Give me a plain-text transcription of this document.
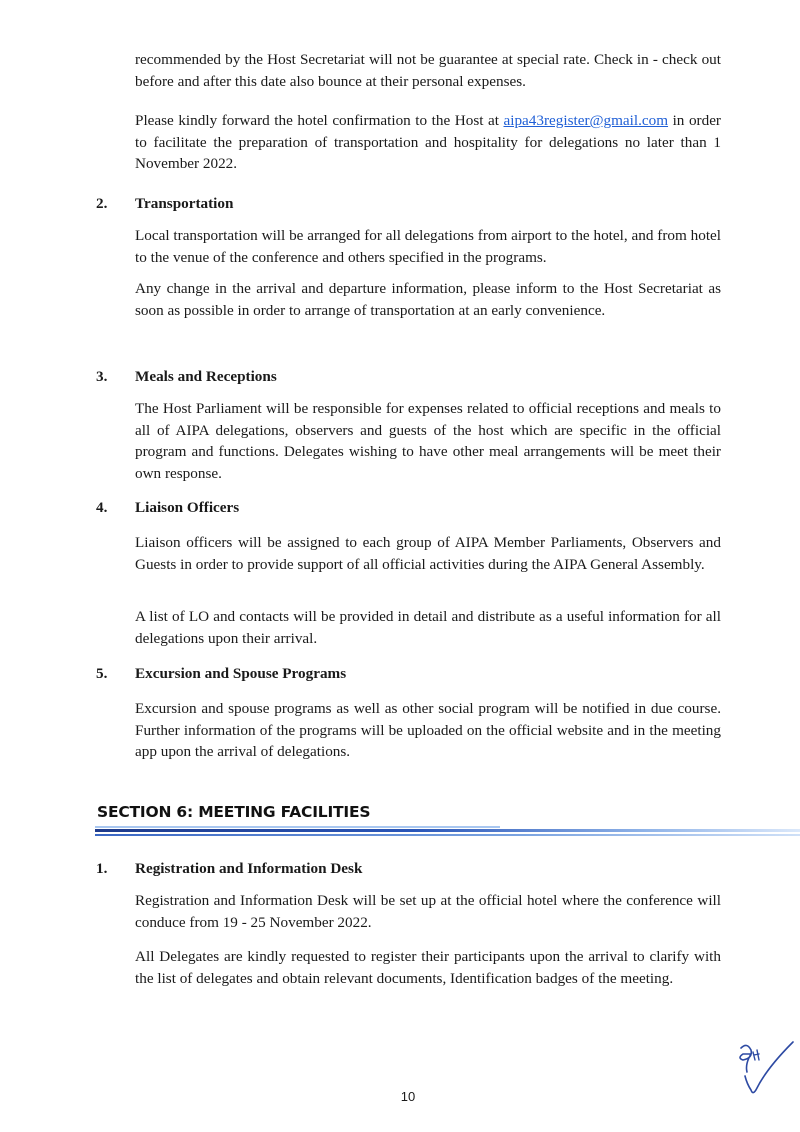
recommended by the Host Secretariat will not be guarantee at special rate. Check in - check out before and after this date also bounce at their personal expenses.

Please kindly forward the hotel confirmation to the Host at aipa43register@gmail.com in order to facilitate the preparation of transportation and hospitality for delegations no later than 1 November 2022.

2. Transportation

Local transportation will be arranged for all delegations from airport to the hotel, and from hotel to the venue of the conference and others specified in the programs.

Any change in the arrival and departure information, please inform to the Host Secretariat as soon as possible in order to arrange of transportation at an early convenience.

3. Meals and Receptions

The Host Parliament will be responsible for expenses related to official receptions and meals to all of AIPA delegations, observers and guests of the host which are specific in the official program and functions. Delegates wishing to have other meal arrangements will be meet their own response.

4. Liaison Officers

Liaison officers will be assigned to each group of AIPA Member Parliaments, Observers and Guests in order to provide support of all official activities during the AIPA General Assembly.

A list of LO and contacts will be provided in detail and distribute as a useful information for all delegations upon their arrival.

5. Excursion and Spouse Programs

Excursion and spouse programs as well as other social program will be notified in due course. Further information of the programs will be uploaded on the official website and in the meeting app upon the arrival of delegations.

SECTION 6: MEETING FACILITIES
1. Registration and Information Desk

Registration and Information Desk will be set up at the official hotel where the conference will conduce from 19 - 25 November 2022.

All Delegates are kindly requested to register their participants upon the arrival to clarify with the list of delegates and obtain relevant documents, Identification badges of the meeting.

10
